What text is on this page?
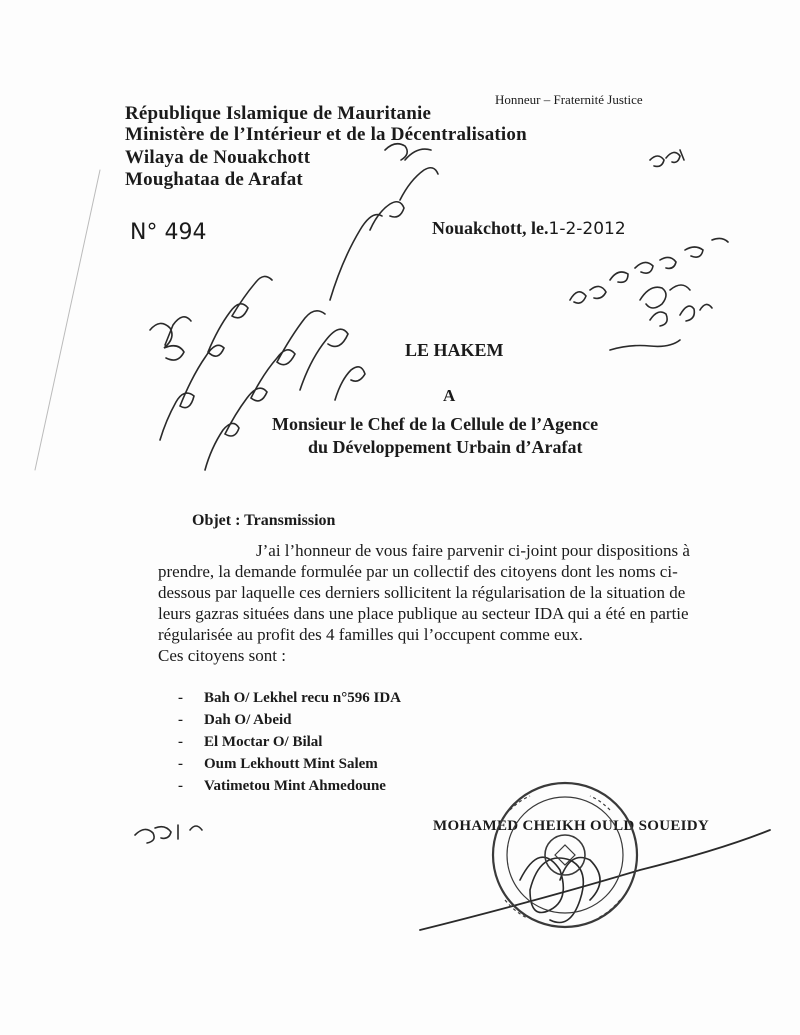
République Islamique de Mauritanie
Ministère de l’Intérieur et de la Décentralisation
Wilaya de Nouakchott
Moughataa de Arafat
Honneur – Fraternité Justice
N° 494	Nouakchott, le.1-2-2012
LE HAKEM
A
Monsieur le Chef de la Cellule de l’Agence
du Développement Urbain d’Arafat
Objet : Transmission

J’ai l’honneur de vous faire parvenir ci-joint pour dispositions à

prendre, la demande formulée par un collectif des citoyens dont les noms ci-

dessous par laquelle ces derniers sollicitent la régularisation de la situation de

leurs gazras situées dans une place publique au secteur IDA qui a été en partie

régularisée au profit des 4 familles qui l’occupent comme eux.

Ces citoyens sont :

- Bah O/ Lekhel recu n°596 IDA
- Dah O/ Abeid
- El Moctar O/ Bilal
- Oum Lekhoutt Mint Salem
- Vatimetou Mint Ahmedoune
MOHAMED CHEIKH OULD SOUEIDY
